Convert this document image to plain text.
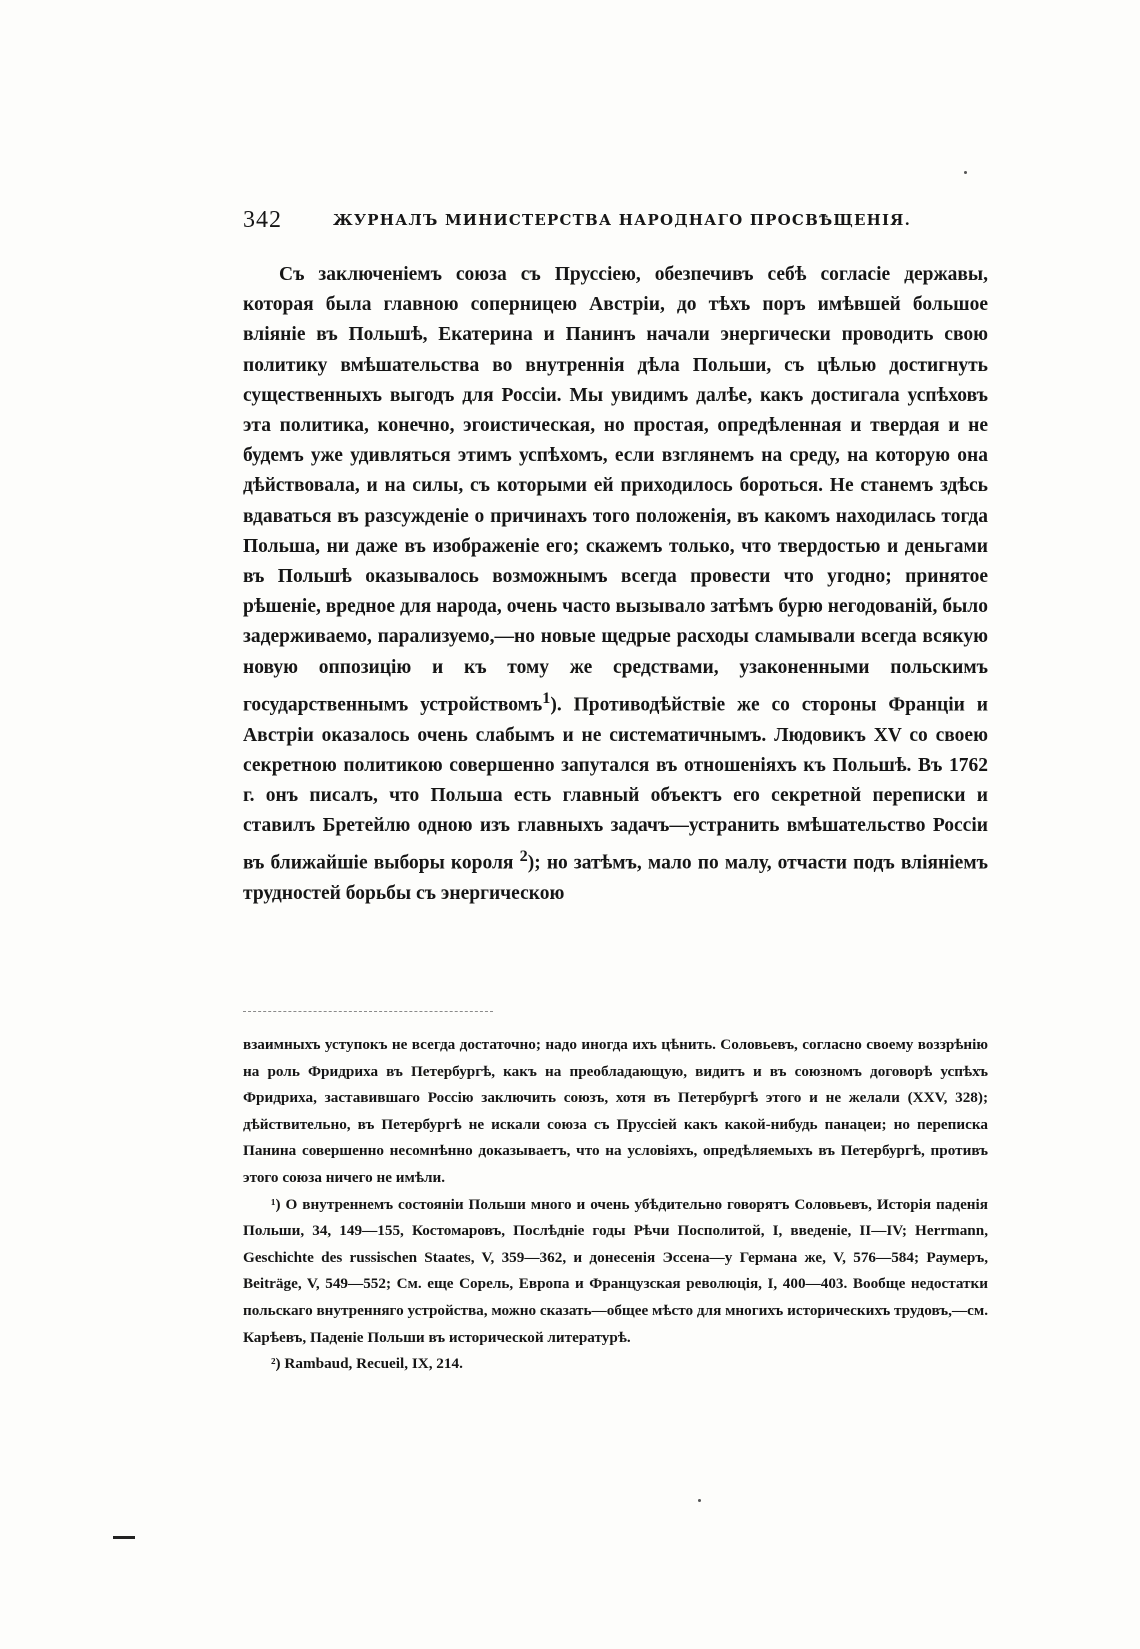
342	ЖУРНАЛЪ МИНИСТЕРСТВА НАРОДНАГО ПРОСВѢЩЕНІЯ.

Съ заключеніемъ союза съ Пруссіею, обезпечивъ себѣ согласіе державы, которая была главною соперницею Австріи, до тѣхъ поръ имѣвшей большое вліяніе въ Польшѣ, Екатерина и Панинъ начали энергически проводить свою политику вмѣшательства во внутреннія дѣла Польши, съ цѣлью достигнуть существенныхъ выгодъ для Россіи. Мы увидимъ далѣе, какъ достигала успѣховъ эта политика, конечно, эгоистическая, но простая, опредѣленная и твердая и не будемъ уже удивляться этимъ успѣхомъ, если взглянемъ на среду, на которую она дѣйствовала, и на силы, съ которыми ей приходилось бороться. Не станемъ здѣсь вдаваться въ разсужденіе о причинахъ того положенія, въ какомъ находилась тогда Польша, ни даже въ изображеніе его; скажемъ только, что твердостью и деньгами въ Польшѣ оказывалось возможнымъ всегда провести что угодно; принятое рѣшеніе, вредное для народа, очень часто вызывало затѣмъ бурю негодованій, было задерживаемо, парализуемо,—но новые щедрые расходы сламывали всегда всякую новую оппозицію и къ тому же средствами, узаконенными польскимъ государственнымъ устройствомъ$^1$). Противодѣйствіе же со стороны Франціи и Австріи оказалось очень слабымъ и не систематичнымъ. Людовикъ XV со своею секретною политикою совершенно запутался въ отношеніяхъ къ Польшѣ. Въ 1762 г. онъ писалъ, что Польша есть главный объектъ его секретной переписки и ставилъ Бретейлю одною изъ главныхъ задачъ—устранить вмѣшательство Россіи въ ближайшіе выборы короля $^2$); но затѣмъ, мало по малу, отчасти подъ вліяніемъ трудностей борьбы съ энергическою

взаимныхъ уступокъ не всегда достаточно; надо иногда ихъ цѣнить. Соловьевъ, согласно своему воззрѣнію на роль Фридриха въ Петербургѣ, какъ на преобладающую, видитъ и въ союзномъ договорѣ успѣхъ Фридриха, заставившаго Россію заключить союзъ, хотя въ Петербургѣ этого и не желали (XXV, 328); дѣйствительно, въ Петербургѣ не искали союза съ Пруссіей какъ какой-нибудь панацеи; но переписка Панина совершенно несомнѣнно доказываетъ, что на условіяхъ, опредѣляемыхъ въ Петербургѣ, противъ этого союза ничего не имѣли.

¹) О внутреннемъ состояніи Польши много и очень убѣдительно говорятъ Соловьевъ, Исторія паденія Польши, 34, 149—155, Костомаровъ, Послѣдніе годы Рѣчи Посполитой, I, введеніе, II—IV; Herrmann, Geschichte des russischen Staates, V, 359—362, и донесенія Эссена—у Германа же, V, 576—584; Раумеръ, Beiträge, V, 549—552; См. еще Сорель, Европа и Французская революція, I, 400—403. Вообще недостатки польскаго внутренняго устройства, можно сказать—общее мѣсто для многихъ историческихъ трудовъ,—см. Карѣевъ, Паденіе Польши въ исторической литературѣ.

²) Rambaud, Recueil, IX, 214.
